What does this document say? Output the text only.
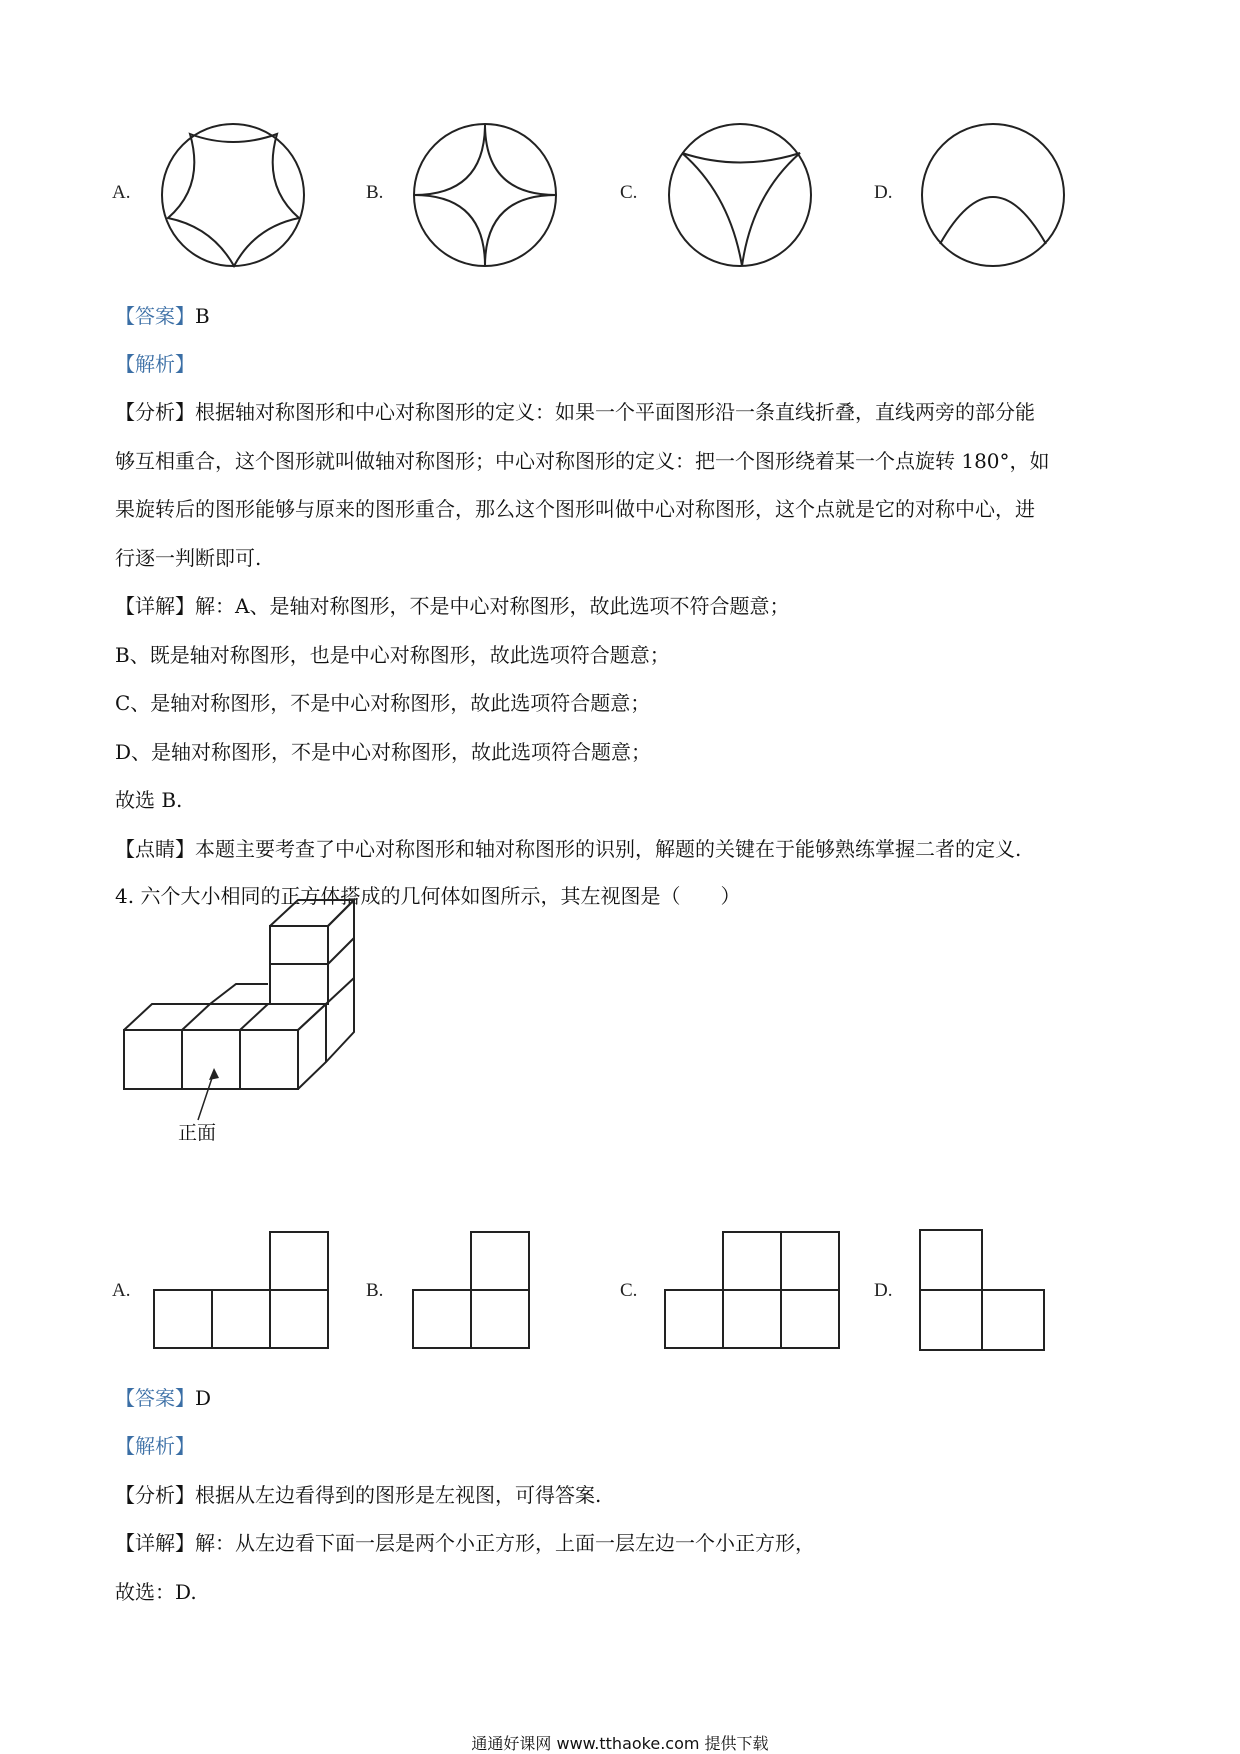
A.	B.	C.	D.
【答案】B
【解析】
【分析】根据轴对称图形和中心对称图形的定义：如果一个平面图形沿一条直线折叠，直线两旁的部分能
够互相重合，这个图形就叫做轴对称图形；中心对称图形的定义：把一个图形绕着某一个点旋转 180°，如
果旋转后的图形能够与原来的图形重合，那么这个图形叫做中心对称图形，这个点就是它的对称中心，进
行逐一判断即可.
【详解】解：A、是轴对称图形，不是中心对称图形，故此选项不符合题意；
B、既是轴对称图形，也是中心对称图形，故此选项符合题意；
C、是轴对称图形，不是中心对称图形，故此选项符合题意；
D、是轴对称图形，不是中心对称图形，故此选项符合题意；
故选 B.
【点睛】本题主要考查了中心对称图形和轴对称图形的识别，解题的关键在于能够熟练掌握二者的定义.
4. 六个大小相同的正方体搭成的几何体如图所示，其左视图是（　　）
正面
A.	B.	C.	D.
【答案】D
【解析】
【分析】根据从左边看得到的图形是左视图，可得答案.
【详解】解：从左边看下面一层是两个小正方形，上面一层左边一个小正方形，
故选：D.
通通好课网 www.tthaoke.com 提供下载
